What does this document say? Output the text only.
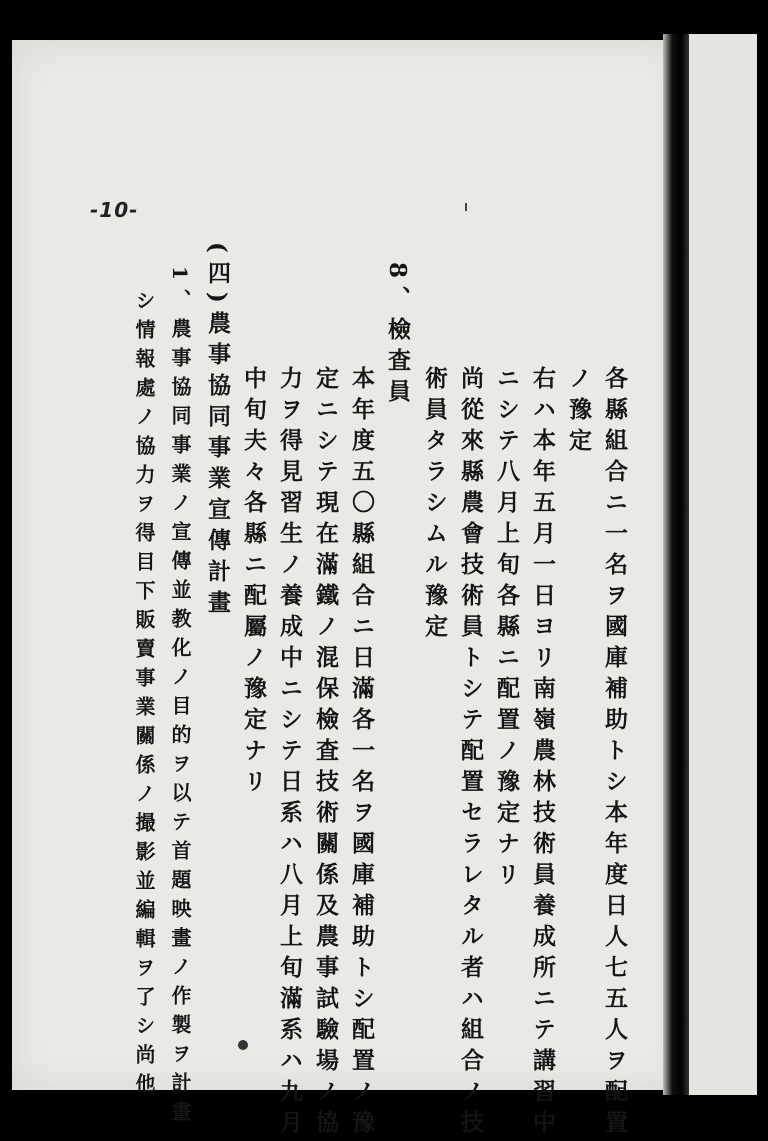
-10-
各縣組合ニ一名ヲ國庫補助トシ本年度日人七五人ヲ配置
ノ豫定
右ハ本年五月一日ヨリ南嶺農林技術員養成所ニテ講習中
ニシテ八月上旬各縣ニ配置ノ豫定ナリ
尚從來縣農會技術員トシテ配置セラレタル者ハ組合ノ技
術員タラシムル豫定
8、檢査員
本年度五〇縣組合ニ日滿各一名ヲ國庫補助トシ配置ノ豫
定ニシテ現在滿鐵ノ混保檢査技術關係及農事試驗場ノ協
力ヲ得見習生ノ養成中ニシテ日系ハ八月上旬滿系ハ九月
中旬夫々各縣ニ配屬ノ豫定ナリ
(四)農事協同事業宣傳計畫
1、農事協同事業ノ宣傳並教化ノ目的ヲ以テ首題映畫ノ作製ヲ計畫
シ情報處ノ協力ヲ得目下販賣事業關係ノ撮影並編輯ヲ了シ尚他
